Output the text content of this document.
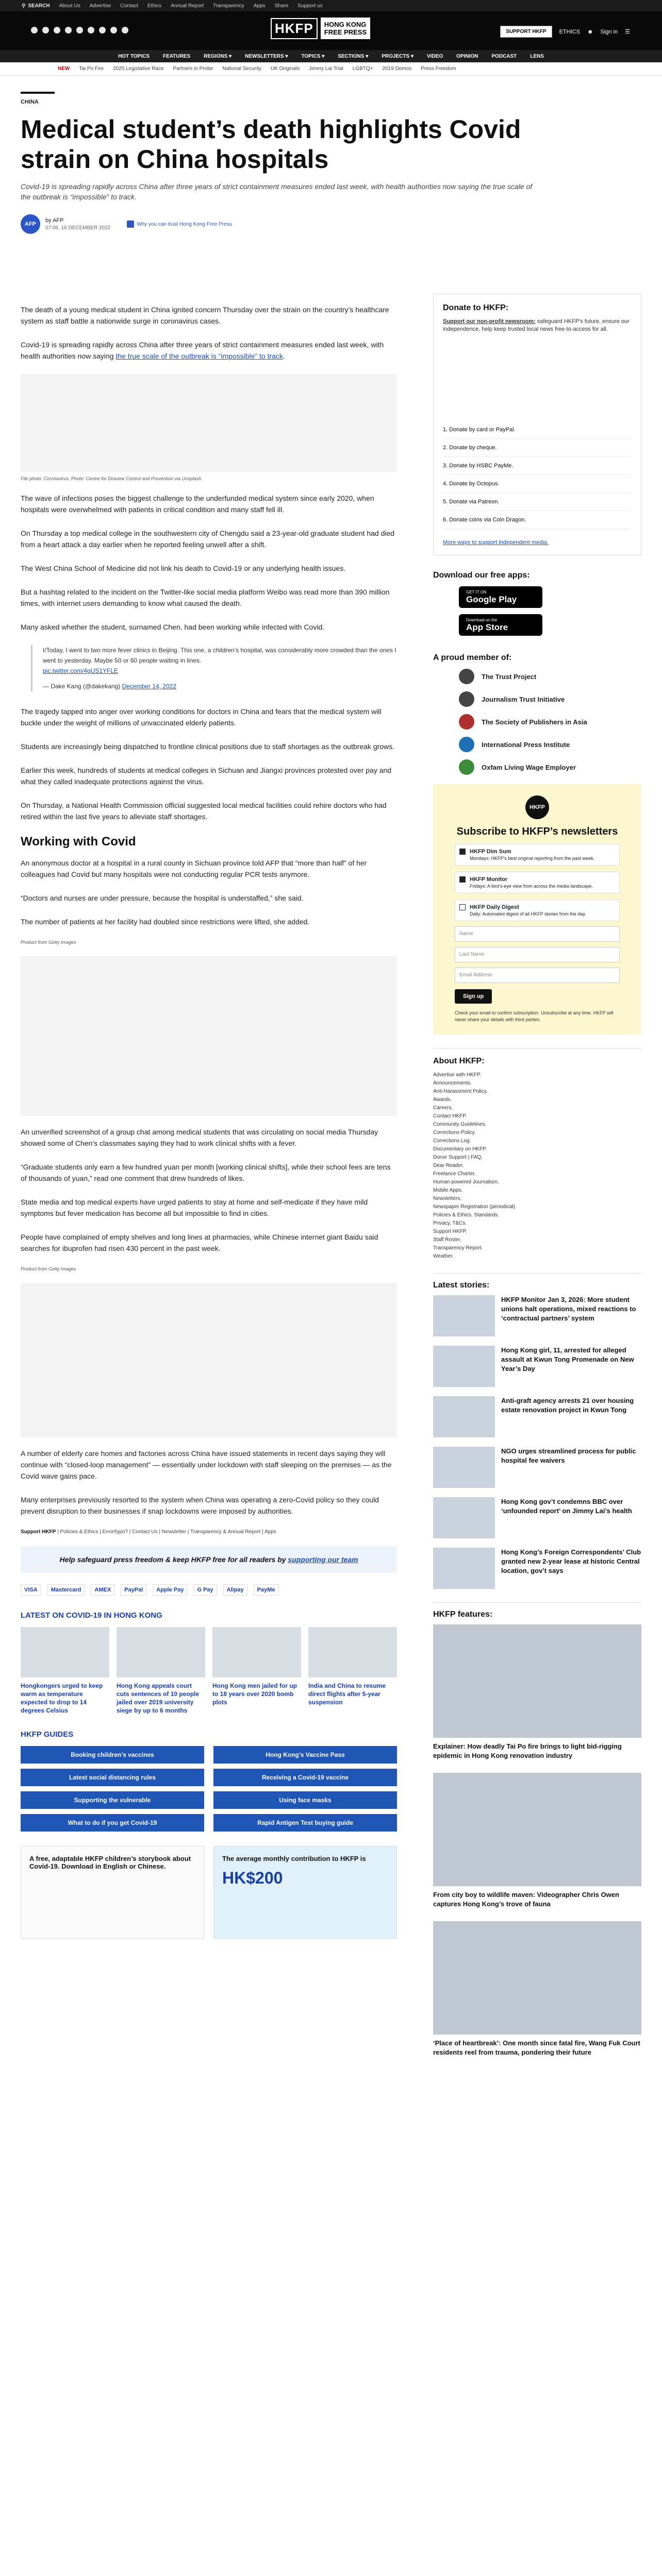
⚲ SEARCH About Us Advertise Contact Ethics Annual Report Transparency Apps Share Support us
HKFP	HONG KONG
FREE PRESS	SUPPORT HKFP	ETHICS ☻ Sign in ☰
HOT TOPICS	FEATURES	REGIONS ▾	NEWSLETTERS ▾	TOPICS ▾	SECTIONS ▾	PROJECTS ▾	VIDEO	OPINION	PODCAST	LENS
NEW Tai Po Fire 2025 Legislative Race Partners in Probe National Security UK Originals Jimmy Lai Trial LGBTQ+ 2019 Demos Press Freedom
CHINA
Medical student’s death highlights Covid strain on China hospitals
Covid-19 is spreading rapidly across China after three years of strict containment measures ended last week, with health authorities now saying the true scale of the outbreak is “impossible” to track.
AFP
by AFP
07:06, 16 DECEMBER 2022
Why you can trust Hong Kong Free Press

The death of a young medical student in China ignited concern Thursday over the strain on the country’s healthcare system as staff battle a nationwide surge in coronavirus cases.

Covid-19 is spreading rapidly across China after three years of strict containment measures ended last week, with health authorities now saying the true scale of the outbreak is “impossible” to track.

File photo: Coronavirus. Photo: Centre for Disease Control and Prevention via Unsplash.

The wave of infections poses the biggest challenge to the underfunded medical system since early 2020, when hospitals were overwhelmed with patients in critical condition and many staff fell ill.

On Thursday a top medical college in the southwestern city of Chengdu said a 23-year-old graduate student had died from a heart attack a day earlier when he reported feeling unwell after a shift.

The West China School of Medicine did not link his death to Covid-19 or any underlying health issues.

But a hashtag related to the incident on the Twitter-like social media platform Weibo was read more than 390 million times, with internet users demanding to know what caused the death.

Many asked whether the student, surnamed Chen, had been working while infected with Covid.

I/Today, I went to two more fever clinics in Beijing. This one, a children’s hospital, was considerably more crowded than the ones I went to yesterday. Maybe 50 or 60 people waiting in lines.
pic.twitter.com/4gUS1YFLE
— Dake Kang (@dakekang) December 14, 2022

The tragedy tapped into anger over working conditions for doctors in China and fears that the medical system will buckle under the weight of millions of unvaccinated elderly patients.

Students are increasingly being dispatched to frontline clinical positions due to staff shortages as the outbreak grows.

Earlier this week, hundreds of students at medical colleges in Sichuan and Jiangxi provinces protested over pay and what they called inadequate protections against the virus.

On Thursday, a National Health Commission official suggested local medical facilities could rehire doctors who had retired within the last five years to alleviate staff shortages.

Working with Covid

An anonymous doctor at a hospital in a rural county in Sichuan province told AFP that “more than half” of her colleagues had Covid but many hospitals were not conducting regular PCR tests anymore.

“Doctors and nurses are under pressure, because the hospital is understaffed,” she said.

The number of patients at her facility had doubled since restrictions were lifted, she added.

Product from Getty Images

An unverified screenshot of a group chat among medical students that was circulating on social media Thursday showed some of Chen’s classmates saying they had to work clinical shifts with a fever.

“Graduate students only earn a few hundred yuan per month [working clinical shifts], while their school fees are tens of thousands of yuan,” read one comment that drew hundreds of likes.

State media and top medical experts have urged patients to stay at home and self-medicate if they have mild symptoms but fever medication has become all but impossible to find in cities.

People have complained of empty shelves and long lines at pharmacies, while Chinese internet giant Baidu said searches for ibuprofen had risen 430 percent in the past week.

Product from Getty Images

A number of elderly care homes and factories across China have issued statements in recent days saying they will continue with “closed-loop management” — essentially under lockdown with staff sleeping on the premises — as the Covid wave gains pace.

Many enterprises previously resorted to the system when China was operating a zero-Covid policy so they could prevent disruption to their businesses if snap lockdowns were imposed by authorities.

Support HKFP | Policies & Ethics | Error/typo? | Contact Us | Newsletter | Transparency & Annual Report | Apps
Help safeguard press freedom & keep HKFP free for all readers by supporting our team
VISA	Mastercard	AMEX	PayPal	Apple Pay	G Pay	Alipay	PayMe
LATEST ON COVID-19 IN HONG KONG
Hongkongers urged to keep warm as temperature expected to drop to 14 degrees Celsius
Hong Kong appeals court cuts sentences of 10 people jailed over 2019 university siege by up to 6 months
Hong Kong men jailed for up to 18 years over 2020 bomb plots
India and China to resume direct flights after 5-year suspension
HKFP GUIDES
Booking children’s vaccines	Hong Kong’s Vaccine Pass
Latest social distancing rules	Receiving a Covid-19 vaccine
Supporting the vulnerable	Using face masks
What to do if you get Covid-19	Rapid Antigen Test buying guide
A free, adaptable HKFP children’s storybook about Covid-19. Download in English or Chinese.
The average monthly contribution to HKFP is
HK$200
Donate to HKFP:
Support our non-profit newsroom: safeguard HKFP’s future, ensure our independence, help keep trusted local news free-to-access for all.
1. Donate by card or PayPal.
2. Donate by cheque.
3. Donate by HSBC PayMe.
4. Donate by Octopus.
5. Donate via Patreon.
6. Donate coins via Coin Dragon.
More ways to support independent media.
Download our free apps:
GET IT ON
Google Play
Download on the
App Store
A proud member of:
The Trust Project
Journalism Trust Initiative
The Society of Publishers in Asia
International Press Institute
Oxfam Living Wage Employer
HKFP
Subscribe to HKFP’s newsletters
HKFP Dim Sum
Mondays: HKFP’s best original reporting from the past week.
HKFP Monitor
Fridays: A bird’s-eye view from across the media landscape.
HKFP Daily Digest
Daily: Automated digest of all HKFP stories from the day.
Name
Last Name
Email Address
Sign up
Check your email to confirm subscription. Unsubscribe at any time. HKFP will never share your details with third parties.
About HKFP:
Advertise with HKFP.
Announcements.
Anti-Harassment Policy.
Awards.
Careers.
Contact HKFP.
Community Guidelines.
Corrections Policy.
Corrections Log.
Documentary on HKFP.
Donor Support | FAQ.
Dear Reader.
Freelance Charter.
Human-powered Journalism.
Mobile Apps.
Newsletters.
Newspaper Registration (periodical).
Policies & Ethics. Standards.
Privacy, T&Cs.
Support HKFP.
Staff Roster.
Transparency Report.
Weather.
Latest stories:
HKFP Monitor Jan 3, 2026: More student unions halt operations, mixed reactions to ‘contractual partners’ system
Hong Kong girl, 11, arrested for alleged assault at Kwun Tong Promenade on New Year’s Day
Anti-graft agency arrests 21 over housing estate renovation project in Kwun Tong
NGO urges streamlined process for public hospital fee waivers
Hong Kong gov’t condemns BBC over ‘unfounded report’ on Jimmy Lai’s health
Hong Kong’s Foreign Correspondents’ Club granted new 2-year lease at historic Central location, gov’t says
HKFP features:
Explainer: How deadly Tai Po fire brings to light bid-rigging epidemic in Hong Kong renovation industry
From city boy to wildlife maven: Videographer Chris Owen captures Hong Kong’s trove of fauna
‘Place of heartbreak’: One month since fatal fire, Wang Fuk Court residents reel from trauma, pondering their future
